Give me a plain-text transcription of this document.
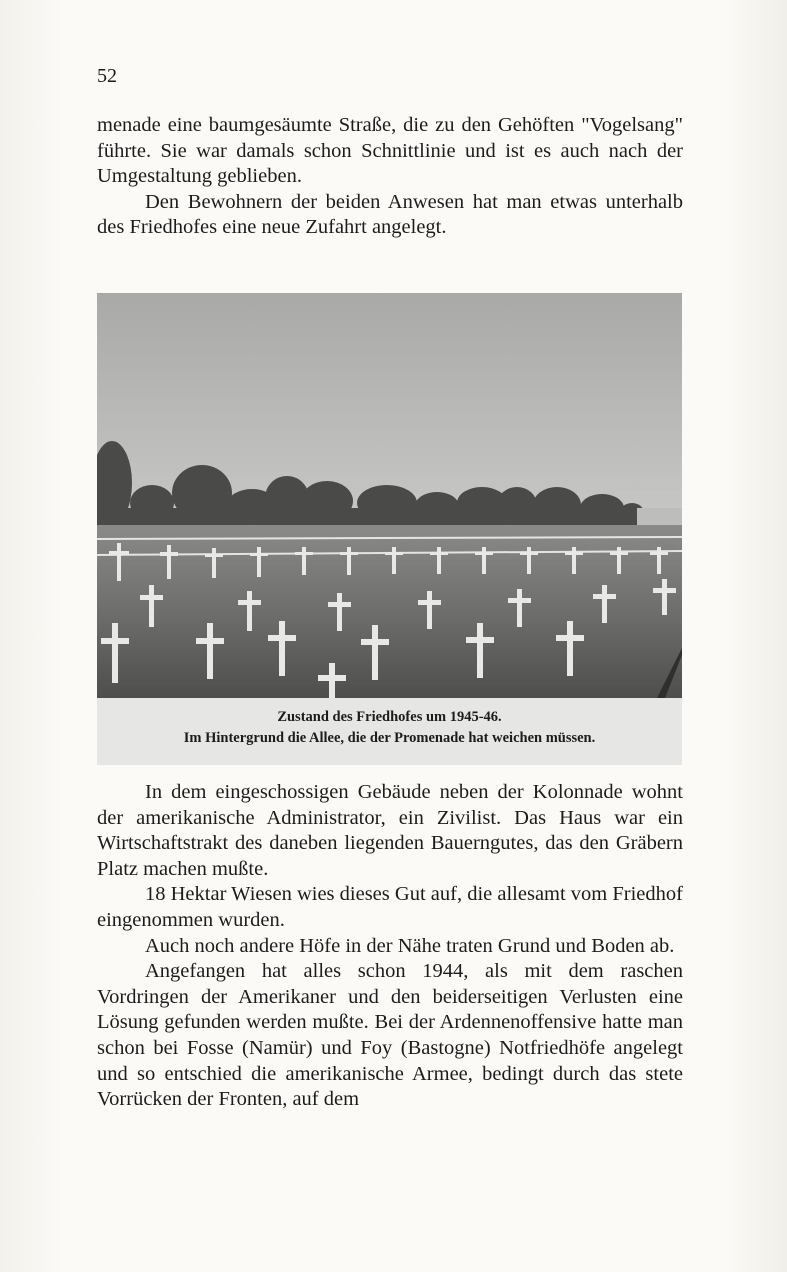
52

menade eine baumgesäumte Straße, die zu den Gehöften "Vogelsang" führte. Sie war damals schon Schnittlinie und ist es auch nach der Umgestaltung geblieben.

Den Bewohnern der beiden Anwesen hat man etwas unterhalb des Friedhofes eine neue Zufahrt angelegt.

Zustand des Friedhofes um 1945-46.
Im Hintergrund die Allee, die der Promenade hat weichen müssen.

In dem eingeschossigen Gebäude neben der Kolonnade wohnt der amerikanische Administrator, ein Zivilist. Das Haus war ein Wirtschaftstrakt des daneben liegenden Bauerngutes, das den Gräbern Platz machen mußte.

18 Hektar Wiesen wies dieses Gut auf, die allesamt vom Friedhof eingenommen wurden.

Auch noch andere Höfe in der Nähe traten Grund und Boden ab.

Angefangen hat alles schon 1944, als mit dem raschen Vordringen der Amerikaner und den beiderseitigen Verlusten eine Lösung gefunden werden mußte. Bei der Ardennenoffensive hatte man schon bei Fosse (Namür) und Foy (Bastogne) Notfriedhöfe angelegt und so entschied die amerikanische Armee, bedingt durch das stete Vorrücken der Fronten, auf dem
